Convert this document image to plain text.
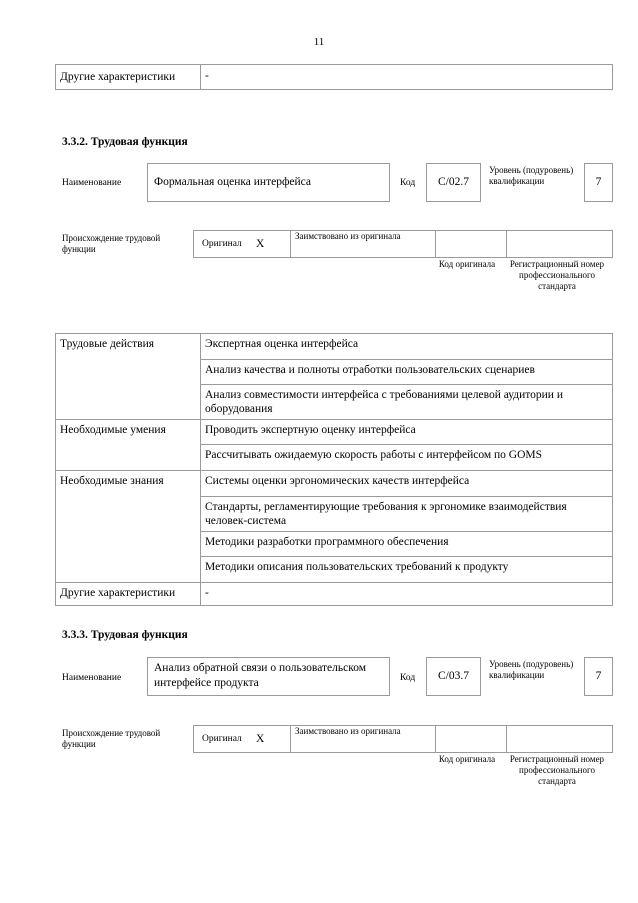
11
Другие характеристики	-
3.3.2. Трудовая функция
Наименование	Формальная оценка интерфейса	Код	C/02.7
Уровень (подуровень) квалификации	7
Происхождение трудовой функции	Оригинал	X	Заимствовано из оригинала		
Код оригинала	Регистрационный номер профессионального стандарта
Трудовые действия	Экспертная оценка интерфейса
	Анализ качества и полноты отработки пользовательских сценариев
	Анализ совместимости интерфейса с требованиями целевой аудитории и оборудования
Необходимые умения	Проводить экспертную оценку интерфейса
	Рассчитывать ожидаемую скорость работы с интерфейсом по GOMS
Необходимые знания	Системы оценки эргономических качеств интерфейса
	Стандарты, регламентирующие требования к эргономике взаимодействия человек-система
	Методики разработки программного обеспечения
	Методики описания пользовательских требований к продукту
Другие характеристики	-
3.3.3. Трудовая функция
Наименование
Анализ обратной связи о пользовательском интерфейсе продукта	Код	C/03.7
Уровень (подуровень) квалификации	7
Происхождение трудовой функции	Оригинал	X	Заимствовано из оригинала		
Код оригинала	Регистрационный номер профессионального стандарта
